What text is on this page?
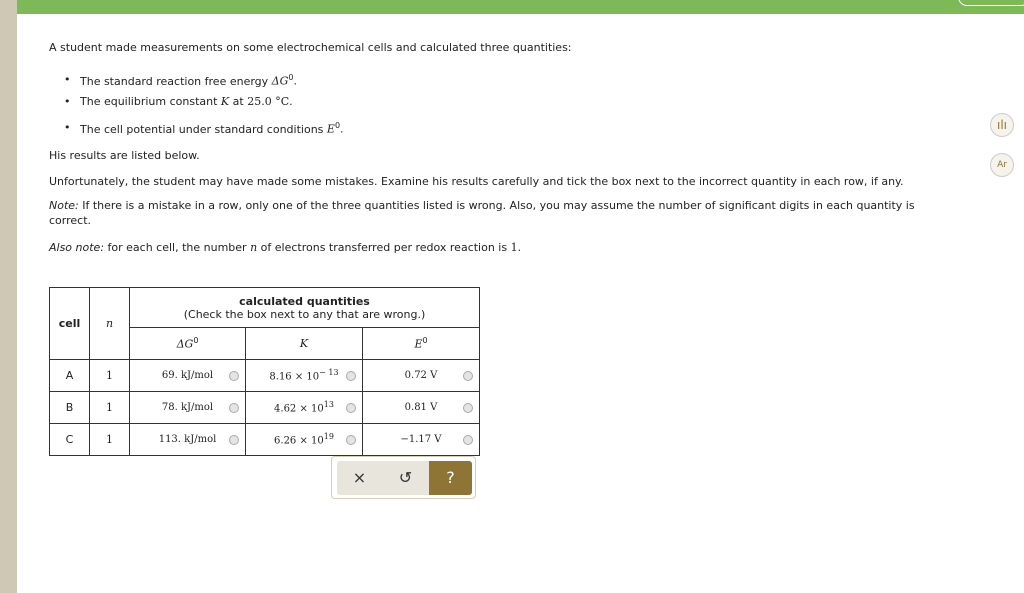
A student made measurements on some electrochemical cells and calculated three quantities:
• The standard reaction free energy $\Delta G^0$.
• The equilibrium constant K at 25.0 °C.
• The cell potential under standard conditions $E^0$.
His results are listed below.
Unfortunately, the student may have made some mistakes. Examine his results carefully and tick the box next to the incorrect quantity in each row, if any.
Note: If there is a mistake in a row, only one of the three quantities listed is wrong. Also, you may assume the number of significant digits in each quantity is
correct.
Also note: for each cell, the number n of electrons transferred per redox reaction is 1.
cell	n	calculated quantities
(Check the box next to any that are wrong.)		
		$\Delta G^0$	K	$E^0$
A	1	69. kJ/mol	$8.16 \times 10^{- 13}$	0.72 V

B	1	78. kJ/mol	$4.62 \times 10^{13}$	0.81 V

C	1	113. kJ/mol	$6.26 \times 10^{19}$	−1.17 V
×	↺	?
ılı
Ar
